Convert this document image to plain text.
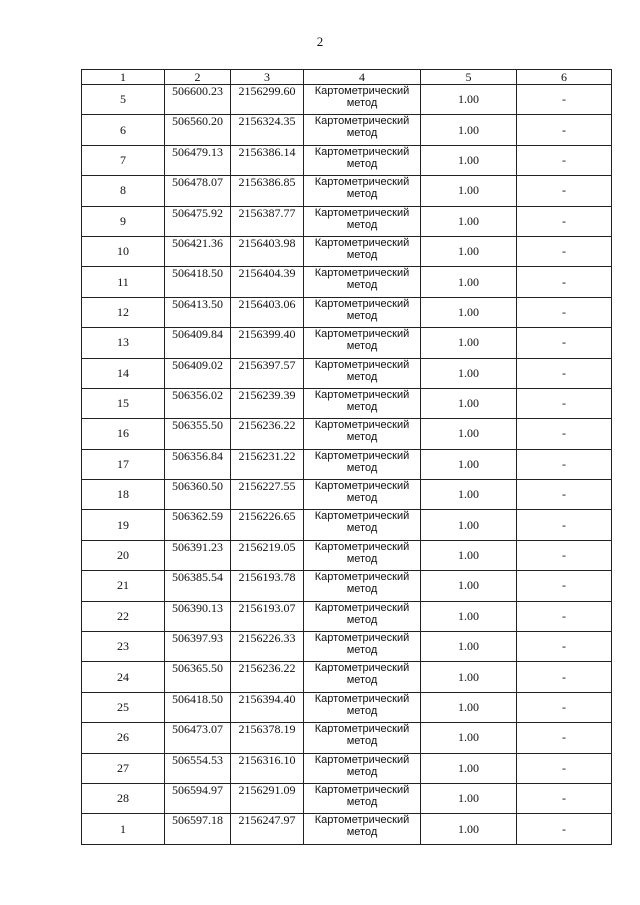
2
1	2	3	4	5	6
5	506600.23	2156299.60	Картометрический метод	1.00	-
6	506560.20	2156324.35	Картометрический метод	1.00	-
7	506479.13	2156386.14	Картометрический метод	1.00	-
8	506478.07	2156386.85	Картометрический метод	1.00	-
9	506475.92	2156387.77	Картометрический метод	1.00	-
10	506421.36	2156403.98	Картометрический метод	1.00	-
11	506418.50	2156404.39	Картометрический метод	1.00	-
12	506413.50	2156403.06	Картометрический метод	1.00	-
13	506409.84	2156399.40	Картометрический метод	1.00	-
14	506409.02	2156397.57	Картометрический метод	1.00	-
15	506356.02	2156239.39	Картометрический метод	1.00	-
16	506355.50	2156236.22	Картометрический метод	1.00	-
17	506356.84	2156231.22	Картометрический метод	1.00	-
18	506360.50	2156227.55	Картометрический метод	1.00	-
19	506362.59	2156226.65	Картометрический метод	1.00	-
20	506391.23	2156219.05	Картометрический метод	1.00	-
21	506385.54	2156193.78	Картометрический метод	1.00	-
22	506390.13	2156193.07	Картометрический метод	1.00	-
23	506397.93	2156226.33	Картометрический метод	1.00	-
24	506365.50	2156236.22	Картометрический метод	1.00	-
25	506418.50	2156394.40	Картометрический метод	1.00	-
26	506473.07	2156378.19	Картометрический метод	1.00	-
27	506554.53	2156316.10	Картометрический метод	1.00	-
28	506594.97	2156291.09	Картометрический метод	1.00	-
1	506597.18	2156247.97	Картометрический метод	1.00	-
